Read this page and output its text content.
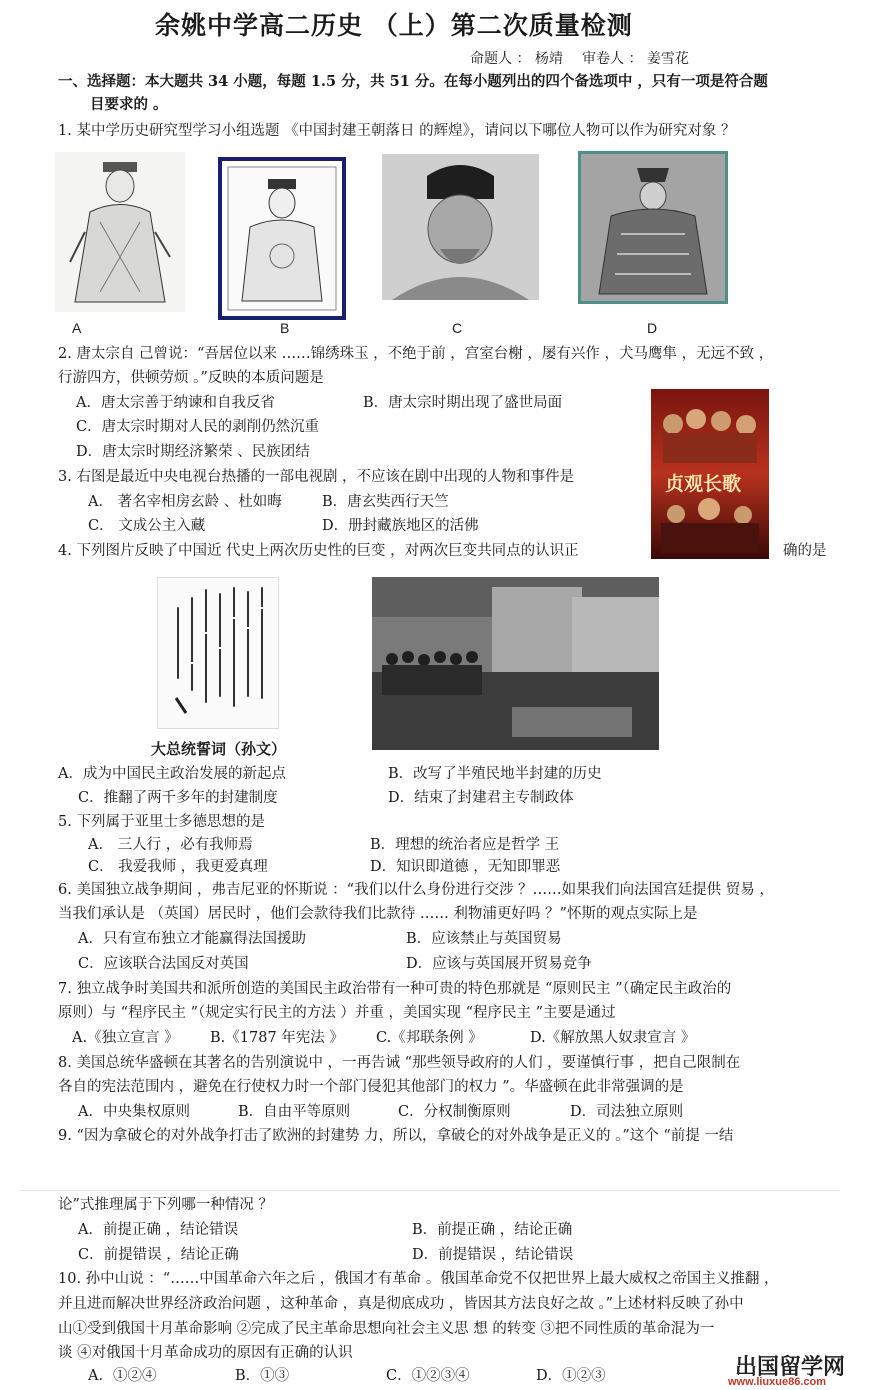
余姚中学高二历史 （上）第二次质量检测
命题人 ： 杨靖 审卷人 ： 姜雪花
一、选择题：本大题共 34 小题，每题 1.5 分，共 51 分。在每小题列出的四个备选项中 ，只有一项是符合题
目要求的 。
1. 某中学历史研究型学习小组选题 《中国封建王朝落日 的辉煌》，请问以下哪位人物可以作为研究对象 ？
A	B	C	D
2. 唐太宗自 己曾说：“吾居位以来 ……锦绣珠玉 ，不绝于前 ，宫室台榭 ，屡有兴作 ，犬马鹰隼 ，无远不致 ，
行游四方，供顿劳烦 。”反映的本质问题是
A．唐太宗善于纳谏和自我反省	B．唐太宗时期出现了盛世局面
C．唐太宗时期对人民的剥削仍然沉重
D．唐太宗时期经济繁荣 、民族团结
贞观长歌
3. 右图是最近中央电视台热播的一部电视剧 ，不应该在剧中出现的人物和事件是
A． 著名宰相房玄龄 、杜如晦	B．唐玄奘西行天竺
C． 文成公主入藏	D．册封藏族地区的活佛
4. 下列图片反映了中国近 代史上两次历史性的巨变 ，对两次巨变共同点的认识正	确的是
大总统誓词（孙文）
A．成为中国民主政治发展的新起点	B．改写了半殖民地半封建的历史
C．推翻了两千多年的封建制度	D．结束了封建君主专制政体
5. 下列属于亚里士多德思想的是
A． 三人行 ，必有我师焉	B．理想的统治者应是哲学 王
C． 我爱我师 ，我更爱真理	D．知识即道德 ，无知即罪恶
6. 美国独立战争期间 ，弗吉尼亚的怀斯说 ：“我们以什么身份进行交涉 ？……如果我们向法国宫廷提供 贸易 ，
当我们承认是 （英国）居民时 ，他们会款待我们比款待 …… 利物浦更好吗 ？”怀斯的观点实际上是
A．只有宣布独立才能赢得法国援助	B．应该禁止与英国贸易
C．应该联合法国反对英国	D．应该与英国展开贸易竞争
7. 独立战争时美国共和派所创造的美国民主政治带有一种可贵的特色那就是 “原则民主 ”（确定民主政治的
原则）与 “程序民主 ”（规定实行民主的方法 ）并重 ，美国实现 “程序民主 ”主要是通过
A.《独立宣言 》 B.《1787 年宪法 》 C.《邦联条例 》	D.《解放黑人奴隶宣言 》
8. 美国总统华盛顿在其著名的告别演说中 ，一再告诫 “那些领导政府的人们 ，要谨慎行事 ，把自己限制在
各自的宪法范围内 ，避免在行使权力时一个部门侵犯其他部门的权力 ”。华盛顿在此非常强调的是
A．中央集权原则	B．自由平等原则	C．分权制衡原则	D．司法独立原则
9. “因为拿破仑的对外战争打击了欧洲的封建势 力，所以，拿破仑的对外战争是正义的 。”这个 “前提 一结
论”式推理属于下列哪一种情况 ？
A．前提正确 ，结论错误	B．前提正确 ，结论正确
C．前提错误 ，结论正确	D．前提错误 ，结论错误
10. 孙中山说 ：“……中国革命六年之后 ，俄国才有革命 。俄国革命党不仅把世界上最大威权之帝国主义推翻 ，
并且进而解决世界经济政治问题 ，这种革命 ，真是彻底成功 ，皆因其方法良好之故 。”上述材料反映了孙中
山①受到俄国十月革命影响 ②完成了民主革命思想向社会主义思 想 的转变 ③把不同性质的革命混为一
谈 ④对俄国十月革命成功的原因有正确的认识
A．①②④	B．①③	C．①②③④	D．①②③	出国留学网
www.liuxue86.com
